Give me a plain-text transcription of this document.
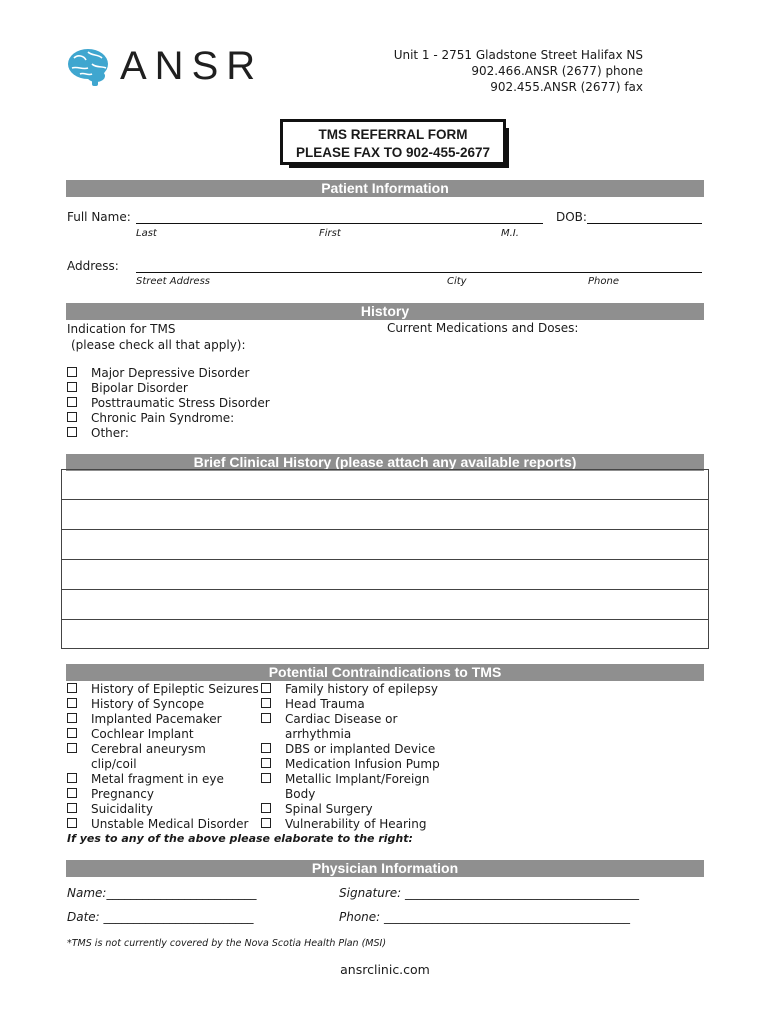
ANSR	Unit 1 - 2751 Gladstone Street Halifax NS
902.466.ANSR (2677) phone
902.455.ANSR (2677) fax
TMS REFERRAL FORM
PLEASE FAX TO 902-455-2677
Patient Information
Full Name:	DOB:
Last	First	M.I.
Address:
Street Address	City	Phone
History
Indication for TMS
(please check all that apply):
Current Medications and Doses:
Major Depressive Disorder
Bipolar Disorder
Posttraumatic Stress Disorder
Chronic Pain Syndrome:
Other:
Brief Clinical History (please attach any available reports)
Potential Contraindications to TMS
History of Epileptic Seizures
History of Syncope
Implanted Pacemaker
Cochlear Implant
Cerebral aneurysm
clip/coil
Metal fragment in eye
Pregnancy
Suicidality
Unstable Medical Disorder
Family history of epilepsy
Head Trauma
Cardiac Disease or
arrhythmia
DBS or implanted Device
Medication Infusion Pump
Metallic Implant/Foreign
Body
Spinal Surgery
Vulnerability of Hearing
If yes to any of the above please elaborate to the right:
Physician Information
Name:_________________________	Signature: _______________________________________
Date: _________________________	Phone: _________________________________________
*TMS is not currently covered by the Nova Scotia Health Plan (MSI)
ansrclinic.com
